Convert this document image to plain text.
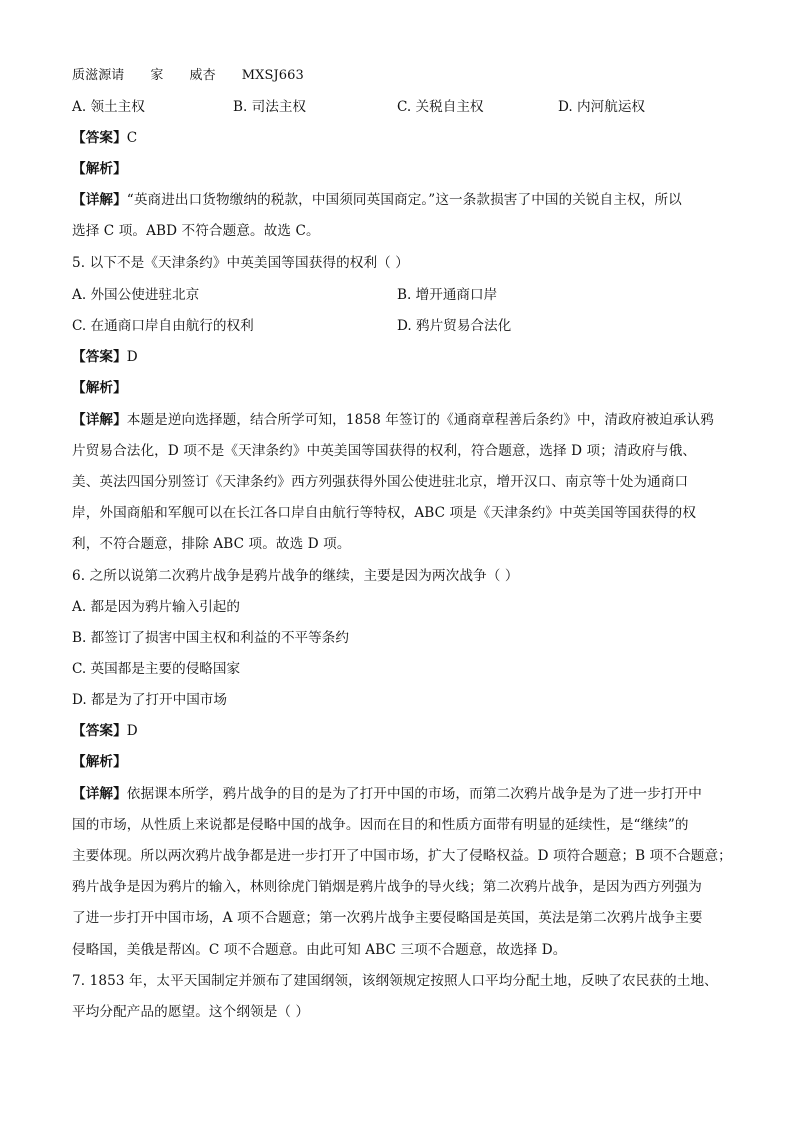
质滋源请 家 威杏 MXSJ663
A. 领土主权	B. 司法主权	C. 关税自主权	D. 内河航运权
【答案】C
【解析】
【详解】“英商进出口货物缴纳的税款，中国须同英国商定。”这一条款损害了中国的关锐自主权，所以
选择 C 项。ABD 不符合题意。故选 C。
5. 以下不是《天津条约》中英美国等国获得的权利（ ）
A. 外国公使进驻北京	B. 增开通商口岸
C. 在通商口岸自由航行的权利	D. 鸦片贸易合法化
【答案】D
【解析】
【详解】本题是逆向选择题，结合所学可知，1858 年签订的《通商章程善后条约》中，清政府被迫承认鸦
片贸易合法化，D 项不是《天津条约》中英美国等国获得的权利，符合题意，选择 D 项；清政府与俄、
美、英法四国分别签订《天津条约》西方列强获得外国公使进驻北京，增开汉口、南京等十处为通商口
岸，外国商船和军舰可以在长江各口岸自由航行等特权，ABC 项是《天津条约》中英美国等国获得的权
利，不符合题意，排除 ABC 项。故选 D 项。
6. 之所以说第二次鸦片战争是鸦片战争的继续，主要是因为两次战争（ ）
A. 都是因为鸦片输入引起的
B. 都签订了损害中国主权和利益的不平等条约
C. 英国都是主要的侵略国家
D. 都是为了打开中国市场
【答案】D
【解析】
【详解】依据课本所学，鸦片战争的目的是为了打开中国的市场，而第二次鸦片战争是为了进一步打开中
国的市场，从性质上来说都是侵略中国的战争。因而在目的和性质方面带有明显的延续性，是“继续”的
主要体现。所以两次鸦片战争都是进一步打开了中国市场，扩大了侵略权益。D 项符合题意；B 项不合题意；
鸦片战争是因为鸦片的输入，林则徐虎门销烟是鸦片战争的导火线；第二次鸦片战争，是因为西方列强为
了进一步打开中国市场，A 项不合题意；第一次鸦片战争主要侵略国是英国，英法是第二次鸦片战争主要
侵略国，美俄是帮凶。C 项不合题意。由此可知 ABC 三项不合题意，故选择 D。
7. 1853 年，太平天国制定并颁布了建国纲领，该纲领规定按照人口平均分配土地，反映了农民获的土地、
平均分配产品的愿望。这个纲领是（ ）
